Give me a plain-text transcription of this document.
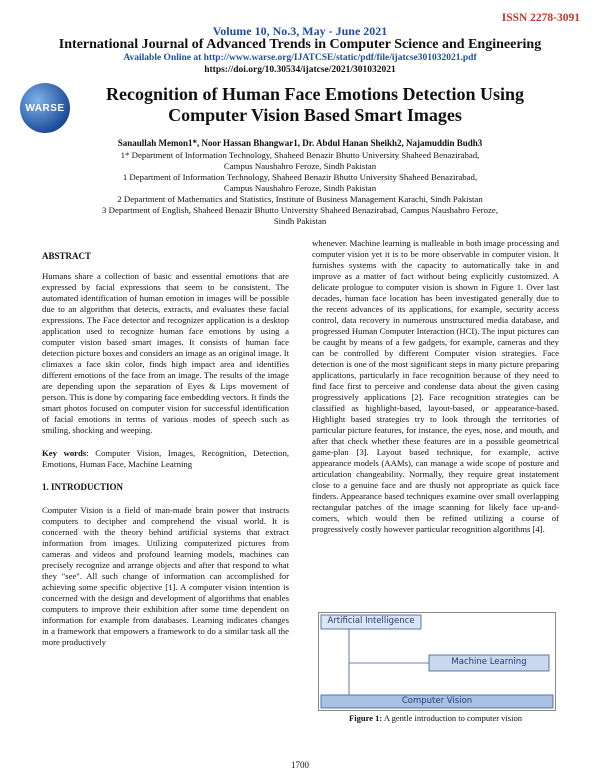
ISSN 2278-3091
Volume 10, No.3, May - June 2021
International Journal of Advanced Trends in Computer Science and Engineering
Available Online at http://www.warse.org/IJATCSE/static/pdf/file/ijatcse301032021.pdf
https://doi.org/10.30534/ijatcse/2021/301032021
WARSE
Recognition of Human Face Emotions Detection Using
Computer Vision Based Smart Images
Sanaullah Memon1*, Noor Hassan Bhangwar1, Dr. Abdul Hanan Sheikh2, Najamuddin Budh3
1* Department of Information Technology, Shaheed Benazir Bhutto University Shaheed Benazirabad,
Campus Naushahro Feroze, Sindh Pakistan
1 Department of Information Technology, Shaheed Benazir Bhutto University Shaheed Benazirabad,
Campus Naushahro Feroze, Sindh Pakistan
2 Department of Mathematics and Statistics, Institute of Business Management Karachi, Sindh Pakistan
3 Department of English, Shaheed Benazir Bhutto University Shaheed Benazirabad, Campus Naushahro Feroze,
Sindh Pakistan
ABSTRACT
Humans share a collection of basic and essential emotions that are expressed by facial expressions that seem to be consistent. The automated identification of human emotion in images will be possible due to an algorithm that detects, extracts, and evaluates these facial expressions. The Face detector and recognizer application is a desktop application used to recognize human face emotions by using a computer vision based smart images. It consists of human face detection picture boxes and considers an image as an original image. It climaxes a face skin color, finds high impact area and identifies different emotions of the face from an image. The results of the image are depending upon the separation of Eyes & Lips movement of person. This is done by comparing face embedding vectors. It finds the smart photos focused on computer vision for successful identification of facial emotions in terms of various modes of speech such as smiling, shocking and weeping.
Key words: Computer Vision, Images, Recognition, Detection, Emotions, Human Face, Machine Learning
1. INTRODUCTION
Computer Vision is a field of man-made brain power that instructs computers to decipher and comprehend the visual world. It is concerned with the theory behind artificial systems that extract information from images. Utilizing computerized pictures from cameras and videos and profound learning models, machines can precisely recognize and arrange objects and after that respond to what they "see". All such change of information can accomplished for achieving some specific objective [1]. A computer vision intention is concerned with the design and development of algorithms that enables computers to improve their exhibition after some time dependent on information for example from databases. Learning indicates changes in a framework that empowers a framework to do a similar task all the more productively
whenever. Machine learning is malleable in both image processing and computer vision yet it is to be more observable in computer vision. It furnishes systems with the capacity to automatically take in and improve as a matter of fact without being explicitly customized. A delicate prologue to computer vision is shown in Figure 1. Over last decades, human face location has been investigated generally due to the recent advances of its applications, for example, security access control, data recovery in numerous unstructured media database, and progressed Human Computer Interaction (HCI). The input pictures can be caught by means of a few gadgets, for example, cameras and they can be controlled by different Computer vision strategies. Face detection is one of the most significant steps in many picture preparing applications, particularly in face recognition because of they need to find face first to perceive and condense data about the given casing progressively applications [2]. Face recognition strategies can be classified as highlight-based, layout-based, or appearance-based. Highlight based strategies try to look through the territories of particular picture features, for instance, the eyes, nose, and mouth, and after that check whether these features are in a possible geometrical game-plan [3]. Layout based technique, for example, active appearance models (AAMs), can manage a wide scope of posture and articulation changeability. Normally, they require great instatement close to a genuine face and are thusly not appropriate as quick face finders. Appearance based techniques examine over small overlapping rectangular patches of the image scanning for likely face up-and-comers, which would then be refined utilizing a course of progressively costly however particular recognition algorithms [4].
Artificial Intelligence
Machine Learning
Computer Vision
Figure 1: A gentle introduction to computer vision
1700
